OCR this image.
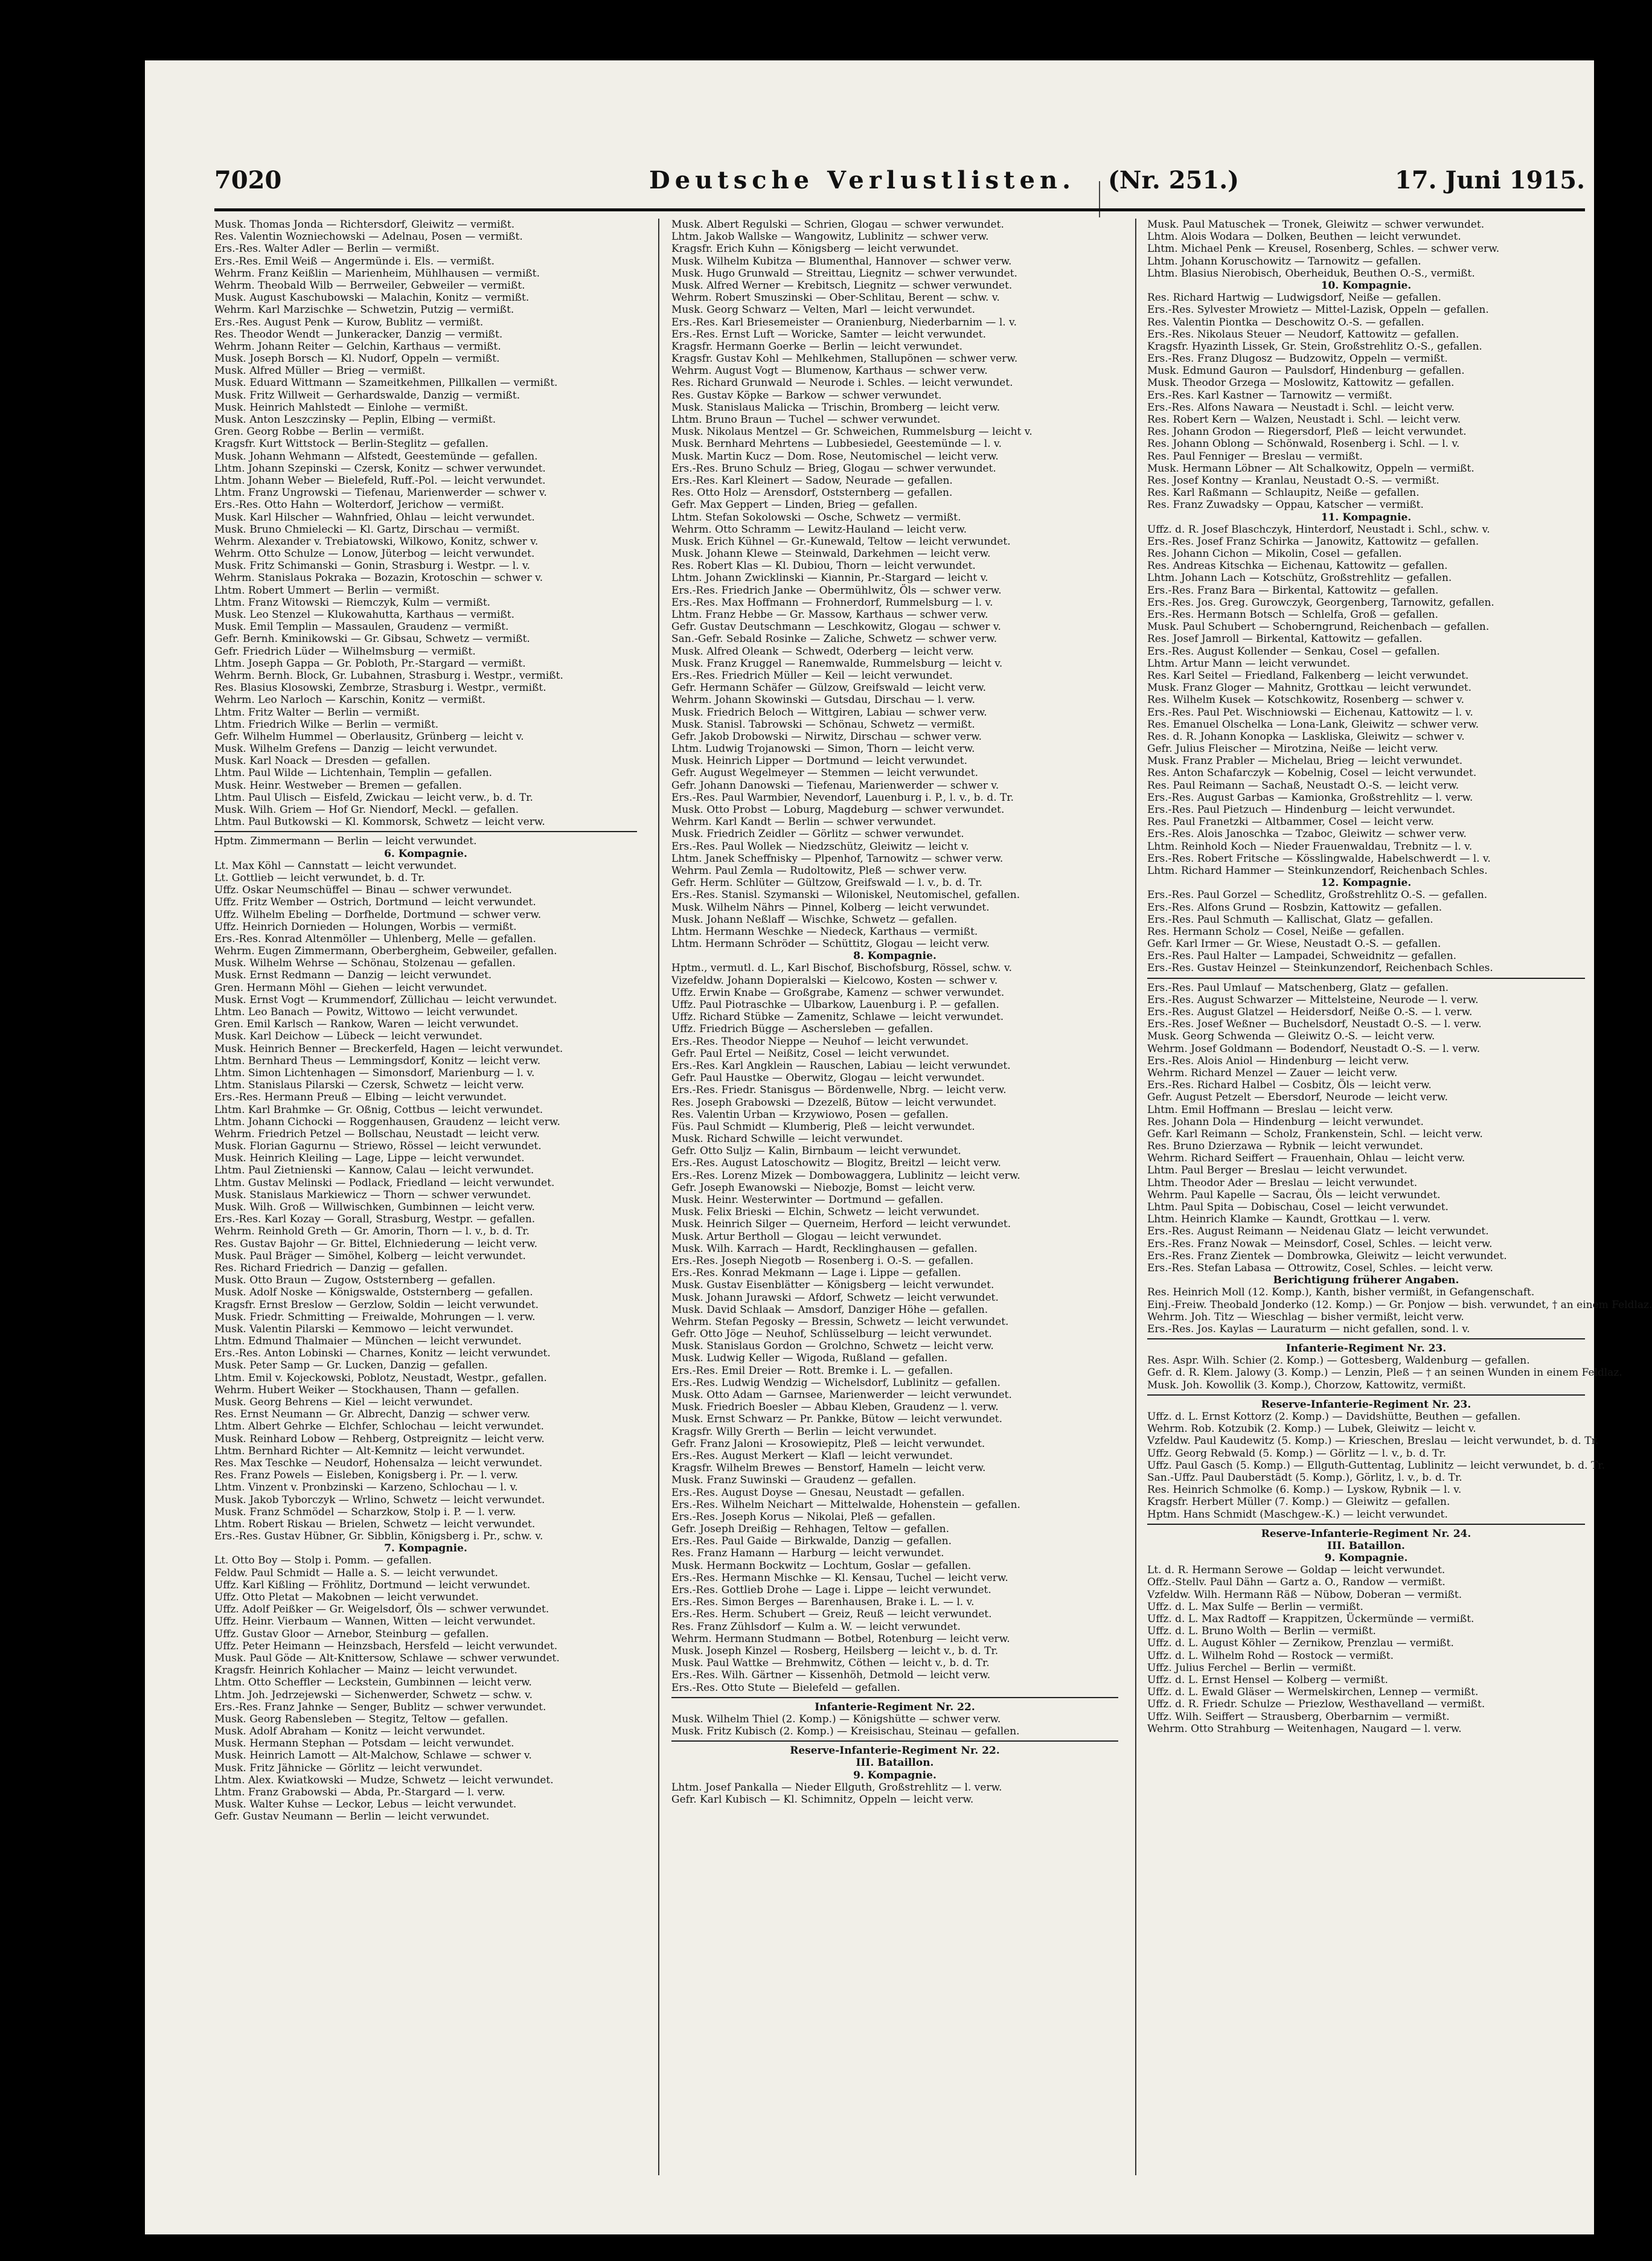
7020	Deutsche Verlustlisten. (Nr. 251.)	17. Juni 1915.
Musk. Thomas Jonda — Richtersdorf, Gleiwitz — vermißt.
Res. Valentin Wozniechowski — Adelnau, Posen — vermißt.
Ers.-Res. Walter Adler — Berlin — vermißt.
Ers.-Res. Emil Weiß — Angermünde i. Els. — vermißt.
Wehrm. Franz Keißlin — Marienheim, Mühlhausen — vermißt.
Wehrm. Theobald Wilb — Berrweiler, Gebweiler — vermißt.
Musk. August Kaschubowski — Malachin, Konitz — vermißt.
Wehrm. Karl Marzischke — Schwetzin, Putzig — vermißt.
Ers.-Res. August Penk — Kurow, Bublitz — vermißt.
Res. Theodor Wendt — Junkeracker, Danzig — vermißt.
Wehrm. Johann Reiter — Gelchin, Karthaus — vermißt.
Musk. Joseph Borsch — Kl. Nudorf, Oppeln — vermißt.
Musk. Alfred Müller — Brieg — vermißt.
Musk. Eduard Wittmann — Szameitkehmen, Pillkallen — vermißt.
Musk. Fritz Willweit — Gerhardswalde, Danzig — vermißt.
Musk. Heinrich Mahlstedt — Einlohe — vermißt.
Musk. Anton Leszczinsky — Peplin, Elbing — vermißt.
Gren. Georg Robbe — Berlin — vermißt.
Kragsfr. Kurt Wittstock — Berlin-Steglitz — gefallen.
Musk. Johann Wehmann — Alfstedt, Geestemünde — gefallen.
Lhtm. Johann Szepinski — Czersk, Konitz — schwer verwundet.
Lhtm. Johann Weber — Bielefeld, Ruff.-Pol. — leicht verwundet.
Lhtm. Franz Ungrowski — Tiefenau, Marienwerder — schwer v.
Ers.-Res. Otto Hahn — Wolterdorf, Jerichow — vermißt.
Musk. Karl Hilscher — Wahnfried, Ohlau — leicht verwundet.
Musk. Bruno Chmielecki — Kl. Gartz, Dirschau — vermißt.
Wehrm. Alexander v. Trebiatowski, Wilkowo, Konitz, schwer v.
Wehrm. Otto Schulze — Lonow, Jüterbog — leicht verwundet.
Musk. Fritz Schimanski — Gonin, Strasburg i. Westpr. — l. v.
Wehrm. Stanislaus Pokraka — Bozazin, Krotoschin — schwer v.
Lhtm. Robert Ummert — Berlin — vermißt.
Lhtm. Franz Witowski — Riemczyk, Kulm — vermißt.
Musk. Leo Stenzel — Klukowahutta, Karthaus — vermißt.
Musk. Emil Templin — Massaulen, Graudenz — vermißt.
Gefr. Bernh. Kminikowski — Gr. Gibsau, Schwetz — vermißt.
Gefr. Friedrich Lüder — Wilhelmsburg — vermißt.
Lhtm. Joseph Gappa — Gr. Pobloth, Pr.-Stargard — vermißt.
Wehrm. Bernh. Block, Gr. Lubahnen, Strasburg i. Westpr., vermißt.
Res. Blasius Klosowski, Zembrze, Strasburg i. Westpr., vermißt.
Wehrm. Leo Narloch — Karschin, Konitz — vermißt.
Lhtm. Fritz Walter — Berlin — vermißt.
Lhtm. Friedrich Wilke — Berlin — vermißt.
Gefr. Wilhelm Hummel — Oberlausitz, Grünberg — leicht v.
Musk. Wilhelm Grefens — Danzig — leicht verwundet.
Musk. Karl Noack — Dresden — gefallen.
Lhtm. Paul Wilde — Lichtenhain, Templin — gefallen.
Musk. Heinr. Westweber — Bremen — gefallen.
Lhtm. Paul Ulisch — Eisfeld, Zwickau — leicht verw., b. d. Tr.
Musk. Wilh. Griem — Hof Gr. Niendorf, Meckl. — gefallen.
Lhtm. Paul Butkowski — Kl. Kommorsk, Schwetz — leicht verw.
Hptm. Zimmermann — Berlin — leicht verwundet.
6. Kompagnie.
Lt. Max Köhl — Cannstatt — leicht verwundet.
Lt. Gottlieb — leicht verwundet, b. d. Tr.
Uffz. Oskar Neumschüffel — Binau — schwer verwundet.
Uffz. Fritz Wember — Ostrich, Dortmund — leicht verwundet.
Uffz. Wilhelm Ebeling — Dorfhelde, Dortmund — schwer verw.
Uffz. Heinrich Dornieden — Holungen, Worbis — vermißt.
Ers.-Res. Konrad Altenmöller — Uhlenberg, Melle — gefallen.
Wehrm. Eugen Zimmermann, Oberbergheim, Gebweiler, gefallen.
Musk. Wilhelm Wehrse — Schönau, Stolzenau — gefallen.
Musk. Ernst Redmann — Danzig — leicht verwundet.
Gren. Hermann Möhl — Giehen — leicht verwundet.
Musk. Ernst Vogt — Krummendorf, Züllichau — leicht verwundet.
Lhtm. Leo Banach — Powitz, Wittowo — leicht verwundet.
Gren. Emil Karlsch — Rankow, Waren — leicht verwundet.
Musk. Karl Deichow — Lübeck — leicht verwundet.
Musk. Heinrich Benner — Breckerfeld, Hagen — leicht verwundet.
Lhtm. Bernhard Theus — Lemmingsdorf, Konitz — leicht verw.
Lhtm. Simon Lichtenhagen — Simonsdorf, Marienburg — l. v.
Lhtm. Stanislaus Pilarski — Czersk, Schwetz — leicht verw.
Ers.-Res. Hermann Preuß — Elbing — leicht verwundet.
Lhtm. Karl Brahmke — Gr. Oßnig, Cottbus — leicht verwundet.
Lhtm. Johann Cichocki — Roggenhausen, Graudenz — leicht verw.
Wehrm. Friedrich Petzel — Bollschau, Neustadt — leicht verw.
Musk. Florian Gagurnu — Striewo, Rössel — leicht verwundet.
Musk. Heinrich Kleiling — Lage, Lippe — leicht verwundet.
Lhtm. Paul Zietnienski — Kannow, Calau — leicht verwundet.
Lhtm. Gustav Melinski — Podlack, Friedland — leicht verwundet.
Musk. Stanislaus Markiewicz — Thorn — schwer verwundet.
Musk. Wilh. Groß — Willwischken, Gumbinnen — leicht verw.
Ers.-Res. Karl Kozay — Gorall, Strasburg, Westpr. — gefallen.
Wehrm. Reinhold Greth — Gr. Amorin, Thorn — l. v., b. d. Tr.
Res. Gustav Bajohr — Gr. Bittel, Elchniederung — leicht verw.
Musk. Paul Bräger — Simöhel, Kolberg — leicht verwundet.
Res. Richard Friedrich — Danzig — gefallen.
Musk. Otto Braun — Zugow, Oststernberg — gefallen.
Musk. Adolf Noske — Königswalde, Oststernberg — gefallen.
Kragsfr. Ernst Breslow — Gerzlow, Soldin — leicht verwundet.
Musk. Friedr. Schmitting — Freiwalde, Mohrungen — l. verw.
Musk. Valentin Pilarski — Kemmowo — leicht verwundet.
Lhtm. Edmund Thalmaier — München — leicht verwundet.
Ers.-Res. Anton Lobinski — Charnes, Konitz — leicht verwundet.
Musk. Peter Samp — Gr. Lucken, Danzig — gefallen.
Lhtm. Emil v. Kojeckowski, Poblotz, Neustadt, Westpr., gefallen.
Wehrm. Hubert Weiker — Stockhausen, Thann — gefallen.
Musk. Georg Behrens — Kiel — leicht verwundet.
Res. Ernst Neumann — Gr. Albrecht, Danzig — schwer verw.
Lhtm. Albert Gehrke — Elchfer, Schlochau — leicht verwundet.
Musk. Reinhard Lobow — Rehberg, Ostpreignitz — leicht verw.
Lhtm. Bernhard Richter — Alt-Kemnitz — leicht verwundet.
Res. Max Teschke — Neudorf, Hohensalza — leicht verwundet.
Res. Franz Powels — Eisleben, Konigsberg i. Pr. — l. verw.
Lhtm. Vinzent v. Pronbzinski — Karzeno, Schlochau — l. v.
Musk. Jakob Tyborczyk — Wrlino, Schwetz — leicht verwundet.
Musk. Franz Schmödel — Scharzkow, Stolp i. P. — l. verw.
Lhtm. Robert Riskau — Brielen, Schwetz — leicht verwundet.
Ers.-Res. Gustav Hübner, Gr. Sibblin, Königsberg i. Pr., schw. v.
7. Kompagnie.
Lt. Otto Boy — Stolp i. Pomm. — gefallen.
Feldw. Paul Schmidt — Halle a. S. — leicht verwundet.
Uffz. Karl Kißling — Fröhlitz, Dortmund — leicht verwundet.
Uffz. Otto Pletat — Makobnen — leicht verwundet.
Uffz. Adolf Peißker — Gr. Weigelsdorf, Öls — schwer verwundet.
Uffz. Heinr. Vierbaum — Wannen, Witten — leicht verwundet.
Uffz. Gustav Gloor — Arnebor, Steinburg — gefallen.
Uffz. Peter Heimann — Heinzsbach, Hersfeld — leicht verwundet.
Musk. Paul Göde — Alt-Knittersow, Schlawe — schwer verwundet.
Kragsfr. Heinrich Kohlacher — Mainz — leicht verwundet.
Lhtm. Otto Scheffler — Leckstein, Gumbinnen — leicht verw.
Lhtm. Joh. Jedrzejewski — Sichenwerder, Schwetz — schw. v.
Ers.-Res. Franz Jahnke — Senger, Bublitz — schwer verwundet.
Musk. Georg Rabensleben — Stegitz, Teltow — gefallen.
Musk. Adolf Abraham — Konitz — leicht verwundet.
Musk. Hermann Stephan — Potsdam — leicht verwundet.
Musk. Heinrich Lamott — Alt-Malchow, Schlawe — schwer v.
Musk. Fritz Jähnicke — Görlitz — leicht verwundet.
Lhtm. Alex. Kwiatkowski — Mudze, Schwetz — leicht verwundet.
Lhtm. Franz Grabowski — Abda, Pr.-Stargard — l. verw.
Musk. Walter Kuhse — Leckor, Lebus — leicht verwundet.
Gefr. Gustav Neumann — Berlin — leicht verwundet.
Musk. Albert Regulski — Schrien, Glogau — schwer verwundet.
Lhtm. Jakob Wallske — Wangowitz, Lublinitz — schwer verw.
Kragsfr. Erich Kuhn — Königsberg — leicht verwundet.
Musk. Wilhelm Kubitza — Blumenthal, Hannover — schwer verw.
Musk. Hugo Grunwald — Streittau, Liegnitz — schwer verwundet.
Musk. Alfred Werner — Krebitsch, Liegnitz — schwer verwundet.
Wehrm. Robert Smuszinski — Ober-Schlitau, Berent — schw. v.
Musk. Georg Schwarz — Velten, Marl — leicht verwundet.
Ers.-Res. Karl Briesemeister — Oranienburg, Niederbarnim — l. v.
Ers.-Res. Ernst Luft — Woricke, Samter — leicht verwundet.
Kragsfr. Hermann Goerke — Berlin — leicht verwundet.
Kragsfr. Gustav Kohl — Mehlkehmen, Stallupönen — schwer verw.
Wehrm. August Vogt — Blumenow, Karthaus — schwer verw.
Res. Richard Grunwald — Neurode i. Schles. — leicht verwundet.
Res. Gustav Köpke — Barkow — schwer verwundet.
Musk. Stanislaus Malicka — Trischin, Bromberg — leicht verw.
Lhtm. Bruno Braun — Tuchel — schwer verwundet.
Musk. Nikolaus Mentzel — Gr. Schweichen, Rummelsburg — leicht v.
Musk. Bernhard Mehrtens — Lubbesiedel, Geestemünde — l. v.
Musk. Martin Kucz — Dom. Rose, Neutomischel — leicht verw.
Ers.-Res. Bruno Schulz — Brieg, Glogau — schwer verwundet.
Ers.-Res. Karl Kleinert — Sadow, Neurade — gefallen.
Res. Otto Holz — Arensdorf, Oststernberg — gefallen.
Gefr. Max Geppert — Linden, Brieg — gefallen.
Lhtm. Stefan Sokolowski — Osche, Schwetz — vermißt.
Wehrm. Otto Schramm — Lewitz-Hauland — leicht verw.
Musk. Erich Kühnel — Gr.-Kunewald, Teltow — leicht verwundet.
Musk. Johann Klewe — Steinwald, Darkehmen — leicht verw.
Res. Robert Klas — Kl. Dubiou, Thorn — leicht verwundet.
Lhtm. Johann Zwicklinski — Kiannin, Pr.-Stargard — leicht v.
Ers.-Res. Friedrich Janke — Obermühlwitz, Öls — schwer verw.
Ers.-Res. Max Hoffmann — Frohnerdorf, Rummelsburg — l. v.
Lhtm. Franz Hebbe — Gr. Massow, Karthaus — schwer verw.
Gefr. Gustav Deutschmann — Leschkowitz, Glogau — schwer v.
San.-Gefr. Sebald Rosinke — Zaliche, Schwetz — schwer verw.
Musk. Alfred Oleank — Schwedt, Oderberg — leicht verw.
Musk. Franz Kruggel — Ranemwalde, Rummelsburg — leicht v.
Ers.-Res. Friedrich Müller — Keil — leicht verwundet.
Gefr. Hermann Schäfer — Gülzow, Greifswald — leicht verw.
Wehrm. Johann Skowinski — Gutsdau, Dirschau — l. verw.
Musk. Friedrich Beloch — Wittgiren, Labiau — schwer verw.
Musk. Stanisl. Tabrowski — Schönau, Schwetz — vermißt.
Gefr. Jakob Drobowski — Nirwitz, Dirschau — schwer verw.
Lhtm. Ludwig Trojanowski — Simon, Thorn — leicht verw.
Musk. Heinrich Lipper — Dortmund — leicht verwundet.
Gefr. August Wegelmeyer — Stemmen — leicht verwundet.
Gefr. Johann Danowski — Tiefenau, Marienwerder — schwer v.
Ers.-Res. Paul Warmbier, Nevendorf, Lauenburg i. P., l. v., b. d. Tr.
Musk. Otto Probst — Loburg, Magdeburg — schwer verwundet.
Wehrm. Karl Kandt — Berlin — schwer verwundet.
Musk. Friedrich Zeidler — Görlitz — schwer verwundet.
Ers.-Res. Paul Wollek — Niedzschütz, Gleiwitz — leicht v.
Lhtm. Janek Scheffnisky — Plpenhof, Tarnowitz — schwer verw.
Wehrm. Paul Zemla — Rudoltowitz, Pleß — schwer verw.
Gefr. Herm. Schlüter — Gültzow, Greifswald — l. v., b. d. Tr.
Ers.-Res. Stanisl. Szymanski — Wiloniskel, Neutomischel, gefallen.
Musk. Wilhelm Nährs — Pinnel, Kolberg — leicht verwundet.
Musk. Johann Neßlaff — Wischke, Schwetz — gefallen.
Lhtm. Hermann Weschke — Niedeck, Karthaus — vermißt.
Lhtm. Hermann Schröder — Schüttitz, Glogau — leicht verw.
8. Kompagnie.
Hptm., vermutl. d. L., Karl Bischof, Bischofsburg, Rössel, schw. v.
Vizefeldw. Johann Dopieralski — Kielcowo, Kosten — schwer v.
Uffz. Erwin Knabe — Großgrabe, Kamenz — schwer verwundet.
Uffz. Paul Piotraschke — Ulbarkow, Lauenburg i. P. — gefallen.
Uffz. Richard Stübke — Zamenitz, Schlawe — leicht verwundet.
Uffz. Friedrich Bügge — Aschersleben — gefallen.
Ers.-Res. Theodor Nieppe — Neuhof — leicht verwundet.
Gefr. Paul Ertel — Neißitz, Cosel — leicht verwundet.
Ers.-Res. Karl Angklein — Rauschen, Labiau — leicht verwundet.
Gefr. Paul Haustke — Oberwitz, Glogau — leicht verwundet.
Ers.-Res. Friedr. Stanisgus — Bördenwelle, Nbrg. — leicht verw.
Res. Joseph Grabowski — Dzezelß, Bütow — leicht verwundet.
Res. Valentin Urban — Krzywiowo, Posen — gefallen.
Füs. Paul Schmidt — Klumberig, Pleß — leicht verwundet.
Musk. Richard Schwille — leicht verwundet.
Gefr. Otto Suljz — Kalin, Birnbaum — leicht verwundet.
Ers.-Res. August Latoschowitz — Blogitz, Breitzl — leicht verw.
Ers.-Res. Lorenz Mizek — Dombowaggera, Lublinitz — leicht verw.
Gefr. Joseph Ewanowski — Niebozje, Bomst — leicht verw.
Musk. Heinr. Westerwinter — Dortmund — gefallen.
Musk. Felix Brieski — Elchin, Schwetz — leicht verwundet.
Musk. Heinrich Silger — Querneim, Herford — leicht verwundet.
Musk. Artur Bertholl — Glogau — leicht verwundet.
Musk. Wilh. Karrach — Hardt, Recklinghausen — gefallen.
Ers.-Res. Joseph Niegotb — Rosenberg i. O.-S. — gefallen.
Ers.-Res. Konrad Mekmann — Lage i. Lippe — gefallen.
Musk. Gustav Eisenblätter — Königsberg — leicht verwundet.
Musk. Johann Jurawski — Afdorf, Schwetz — leicht verwundet.
Musk. David Schlaak — Amsdorf, Danziger Höhe — gefallen.
Wehrm. Stefan Pegosky — Bressin, Schwetz — leicht verwundet.
Gefr. Otto Jöge — Neuhof, Schlüsselburg — leicht verwundet.
Musk. Stanislaus Gordon — Grolchno, Schwetz — leicht verw.
Musk. Ludwig Keller — Wigoda, Rußland — gefallen.
Ers.-Res. Emil Dreier — Rott. Bremke i. L. — gefallen.
Ers.-Res. Ludwig Wendzig — Wichelsdorf, Lublinitz — gefallen.
Musk. Otto Adam — Garnsee, Marienwerder — leicht verwundet.
Musk. Friedrich Boesler — Abbau Kleben, Graudenz — l. verw.
Musk. Ernst Schwarz — Pr. Pankke, Bütow — leicht verwundet.
Kragsfr. Willy Grerth — Berlin — leicht verwundet.
Gefr. Franz Jaloni — Krosowiepitz, Pleß — leicht verwundet.
Ers.-Res. August Merkert — Klafl — leicht verwundet.
Kragsfr. Wilhelm Brewes — Benstorf, Hameln — leicht verw.
Musk. Franz Suwinski — Graudenz — gefallen.
Ers.-Res. August Doyse — Gnesau, Neustadt — gefallen.
Ers.-Res. Wilhelm Neichart — Mittelwalde, Hohenstein — gefallen.
Ers.-Res. Joseph Korus — Nikolai, Pleß — gefallen.
Gefr. Joseph Dreißig — Rehhagen, Teltow — gefallen.
Ers.-Res. Paul Gaide — Birkwalde, Danzig — gefallen.
Res. Franz Hamann — Harburg — leicht verwundet.
Musk. Hermann Bockwitz — Lochtum, Goslar — gefallen.
Ers.-Res. Hermann Mischke — Kl. Kensau, Tuchel — leicht verw.
Ers.-Res. Gottlieb Drohe — Lage i. Lippe — leicht verwundet.
Ers.-Res. Simon Berges — Barenhausen, Brake i. L. — l. v.
Ers.-Res. Herm. Schubert — Greiz, Reuß — leicht verwundet.
Res. Franz Zühlsdorf — Kulm a. W. — leicht verwundet.
Wehrm. Hermann Studmann — Botbel, Rotenburg — leicht verw.
Musk. Joseph Kinzel — Rosberg, Heilsberg — leicht v., b. d. Tr.
Musk. Paul Wattke — Brehmwitz, Cöthen — leicht v., b. d. Tr.
Ers.-Res. Wilh. Gärtner — Kissenhöh, Detmold — leicht verw.
Ers.-Res. Otto Stute — Bielefeld — gefallen.
Infanterie-Regiment Nr. 22.
Musk. Wilhelm Thiel (2. Komp.) — Königshütte — schwer verw.
Musk. Fritz Kubisch (2. Komp.) — Kreisischau, Steinau — gefallen.
Reserve-Infanterie-Regiment Nr. 22.
III. Bataillon.
9. Kompagnie.
Lhtm. Josef Pankalla — Nieder Ellguth, Großstrehlitz — l. verw.
Gefr. Karl Kubisch — Kl. Schimnitz, Oppeln — leicht verw.
Musk. Paul Matuschek — Tronek, Gleiwitz — schwer verwundet.
Lhtm. Alois Wodara — Dolken, Beuthen — leicht verwundet.
Lhtm. Michael Penk — Kreusel, Rosenberg, Schles. — schwer verw.
Lhtm. Johann Koruschowitz — Tarnowitz — gefallen.
Lhtm. Blasius Nierobisch, Oberheiduk, Beuthen O.-S., vermißt.
10. Kompagnie.
Res. Richard Hartwig — Ludwigsdorf, Neiße — gefallen.
Ers.-Res. Sylvester Mrowietz — Mittel-Lazisk, Oppeln — gefallen.
Res. Valentin Piontka — Deschowitz O.-S. — gefallen.
Ers.-Res. Nikolaus Steuer — Neudorf, Kattowitz — gefallen.
Kragsfr. Hyazinth Lissek, Gr. Stein, Großstrehlitz O.-S., gefallen.
Ers.-Res. Franz Dlugosz — Budzowitz, Oppeln — vermißt.
Musk. Edmund Gauron — Paulsdorf, Hindenburg — gefallen.
Musk. Theodor Grzega — Moslowitz, Kattowitz — gefallen.
Ers.-Res. Karl Kastner — Tarnowitz — vermißt.
Ers.-Res. Alfons Nawara — Neustadt i. Schl. — leicht verw.
Res. Robert Kern — Walzen, Neustadt i. Schl. — leicht verw.
Res. Johann Grodon — Riegersdorf, Pleß — leicht verwundet.
Res. Johann Oblong — Schönwald, Rosenberg i. Schl. — l. v.
Res. Paul Fenniger — Breslau — vermißt.
Musk. Hermann Löbner — Alt Schalkowitz, Oppeln — vermißt.
Res. Josef Kontny — Kranlau, Neustadt O.-S. — vermißt.
Res. Karl Raßmann — Schlaupitz, Neiße — gefallen.
Res. Franz Zuwadsky — Oppau, Katscher — vermißt.
11. Kompagnie.
Uffz. d. R. Josef Blaschczyk, Hinterdorf, Neustadt i. Schl., schw. v.
Ers.-Res. Josef Franz Schirka — Janowitz, Kattowitz — gefallen.
Res. Johann Cichon — Mikolin, Cosel — gefallen.
Res. Andreas Kitschka — Eichenau, Kattowitz — gefallen.
Lhtm. Johann Lach — Kotschütz, Großstrehlitz — gefallen.
Ers.-Res. Franz Bara — Birkental, Kattowitz — gefallen.
Ers.-Res. Jos. Greg. Gurowczyk, Georgenberg, Tarnowitz, gefallen.
Ers.-Res. Hermann Botsch — Schlelfa, Groß — gefallen.
Musk. Paul Schubert — Schoberngrund, Reichenbach — gefallen.
Res. Josef Jamroll — Birkental, Kattowitz — gefallen.
Ers.-Res. August Kollender — Senkau, Cosel — gefallen.
Lhtm. Artur Mann — leicht verwundet.
Res. Karl Seitel — Friedland, Falkenberg — leicht verwundet.
Musk. Franz Gloger — Mahnitz, Grottkau — leicht verwundet.
Res. Wilhelm Kusek — Kotschkowitz, Rosenberg — schwer v.
Ers.-Res. Paul Pet. Wischniowski — Eichenau, Kattowitz — l. v.
Res. Emanuel Olschelka — Lona-Lank, Gleiwitz — schwer verw.
Res. d. R. Johann Konopka — Laskliska, Gleiwitz — schwer v.
Gefr. Julius Fleischer — Mirotzina, Neiße — leicht verw.
Musk. Franz Prabler — Michelau, Brieg — leicht verwundet.
Res. Anton Schafarczyk — Kobelnig, Cosel — leicht verwundet.
Res. Paul Reimann — Sachaß, Neustadt O.-S. — leicht verw.
Ers.-Res. August Garbas — Kamionka, Großstrehlitz — l. verw.
Ers.-Res. Paul Pietzuch — Hindenburg — leicht verwundet.
Res. Paul Franetzki — Altbammer, Cosel — leicht verw.
Ers.-Res. Alois Janoschka — Tzaboc, Gleiwitz — schwer verw.
Lhtm. Reinhold Koch — Nieder Frauenwaldau, Trebnitz — l. v.
Ers.-Res. Robert Fritsche — Kösslingwalde, Habelschwerdt — l. v.
Lhtm. Richard Hammer — Steinkunzendorf, Reichenbach Schles.
12. Kompagnie.
Ers.-Res. Paul Gorzel — Schedlitz, Großstrehlitz O.-S. — gefallen.
Ers.-Res. Alfons Grund — Rosbzin, Kattowitz — gefallen.
Ers.-Res. Paul Schmuth — Kallischat, Glatz — gefallen.
Res. Hermann Scholz — Cosel, Neiße — gefallen.
Gefr. Karl Irmer — Gr. Wiese, Neustadt O.-S. — gefallen.
Ers.-Res. Paul Halter — Lampadei, Schweidnitz — gefallen.
Ers.-Res. Gustav Heinzel — Steinkunzendorf, Reichenbach Schles.
Ers.-Res. Paul Umlauf — Matschenberg, Glatz — gefallen.
Ers.-Res. August Schwarzer — Mittelsteine, Neurode — l. verw.
Ers.-Res. August Glatzel — Heidersdorf, Neiße O.-S. — l. verw.
Ers.-Res. Josef Weßner — Buchelsdorf, Neustadt O.-S. — l. verw.
Musk. Georg Schwenda — Gleiwitz O.-S. — leicht verw.
Wehrm. Josef Goldmann — Bodendorf, Neustadt O.-S. — l. verw.
Ers.-Res. Alois Aniol — Hindenburg — leicht verw.
Wehrm. Richard Menzel — Zauer — leicht verw.
Ers.-Res. Richard Halbel — Cosbitz, Öls — leicht verw.
Gefr. August Petzelt — Ebersdorf, Neurode — leicht verw.
Lhtm. Emil Hoffmann — Breslau — leicht verw.
Res. Johann Dola — Hindenburg — leicht verwundet.
Gefr. Karl Reimann — Scholz, Frankenstein, Schl. — leicht verw.
Res. Bruno Dzierzawa — Rybnik — leicht verwundet.
Wehrm. Richard Seiffert — Frauenhain, Ohlau — leicht verw.
Lhtm. Paul Berger — Breslau — leicht verwundet.
Lhtm. Theodor Ader — Breslau — leicht verwundet.
Wehrm. Paul Kapelle — Sacrau, Öls — leicht verwundet.
Lhtm. Paul Spita — Dobischau, Cosel — leicht verwundet.
Lhtm. Heinrich Klamke — Kaundt, Grottkau — l. verw.
Ers.-Res. August Reimann — Neidenau Glatz — leicht verwundet.
Ers.-Res. Franz Nowak — Meinsdorf, Cosel, Schles. — leicht verw.
Ers.-Res. Franz Zientek — Dombrowka, Gleiwitz — leicht verwundet.
Ers.-Res. Stefan Labasa — Ottrowitz, Cosel, Schles. — leicht verw.
Berichtigung früherer Angaben.
Res. Heinrich Moll (12. Komp.), Kanth, bisher vermißt, in Gefangenschaft.
Einj.-Freiw. Theobald Jonderko (12. Komp.) — Gr. Ponjow — bish. verwundet, † an einem Feldlaz.
Wehrm. Joh. Titz — Wieschlag — bisher vermißt, leicht verw.
Ers.-Res. Jos. Kaylas — Lauraturm — nicht gefallen, sond. l. v.
Infanterie-Regiment Nr. 23.
Res. Aspr. Wilh. Schier (2. Komp.) — Gottesberg, Waldenburg — gefallen.
Gefr. d. R. Klem. Jalowy (3. Komp.) — Lenzin, Pleß — † an seinen Wunden in einem Feldlaz.
Musk. Joh. Kowollik (3. Komp.), Chorzow, Kattowitz, vermißt.
Reserve-Infanterie-Regiment Nr. 23.
Uffz. d. L. Ernst Kottorz (2. Komp.) — Davidshütte, Beuthen — gefallen.
Wehrm. Rob. Kotzubik (2. Komp.) — Lubek, Gleiwitz — leicht v.
Vzfeldw. Paul Kaudewitz (5. Komp.) — Krieschen, Breslau — leicht verwundet, b. d. Tr.
Uffz. Georg Rebwald (5. Komp.) — Görlitz — l. v., b. d. Tr.
Uffz. Paul Gasch (5. Komp.) — Ellguth-Guttentag, Lublinitz — leicht verwundet, b. d. Tr.
San.-Uffz. Paul Dauberstädt (5. Komp.), Görlitz, l. v., b. d. Tr.
Res. Heinrich Schmolke (6. Komp.) — Lyskow, Rybnik — l. v.
Kragsfr. Herbert Müller (7. Komp.) — Gleiwitz — gefallen.
Hptm. Hans Schmidt (Maschgew.-K.) — leicht verwundet.
Reserve-Infanterie-Regiment Nr. 24.
III. Bataillon.
9. Kompagnie.
Lt. d. R. Hermann Serowe — Goldap — leicht verwundet.
Offz.-Stellv. Paul Dähn — Gartz a. O., Randow — vermißt.
Vzfeldw. Wilh. Hermann Räß — Nübow, Doberan — vermißt.
Uffz. d. L. Max Sulfe — Berlin — vermißt.
Uffz. d. L. Max Radtoff — Krappitzen, Ückermünde — vermißt.
Uffz. d. L. Bruno Wolth — Berlin — vermißt.
Uffz. d. L. August Köhler — Zernikow, Prenzlau — vermißt.
Uffz. d. L. Wilhelm Rohd — Rostock — vermißt.
Uffz. Julius Ferchel — Berlin — vermißt.
Uffz. d. L. Ernst Hensel — Kolberg — vermißt.
Uffz. d. L. Ewald Gläser — Wermelskirchen, Lennep — vermißt.
Uffz. d. R. Friedr. Schulze — Priezlow, Westhavelland — vermißt.
Uffz. Wilh. Seiffert — Strausberg, Oberbarnim — vermißt.
Wehrm. Otto Strahburg — Weitenhagen, Naugard — l. verw.
